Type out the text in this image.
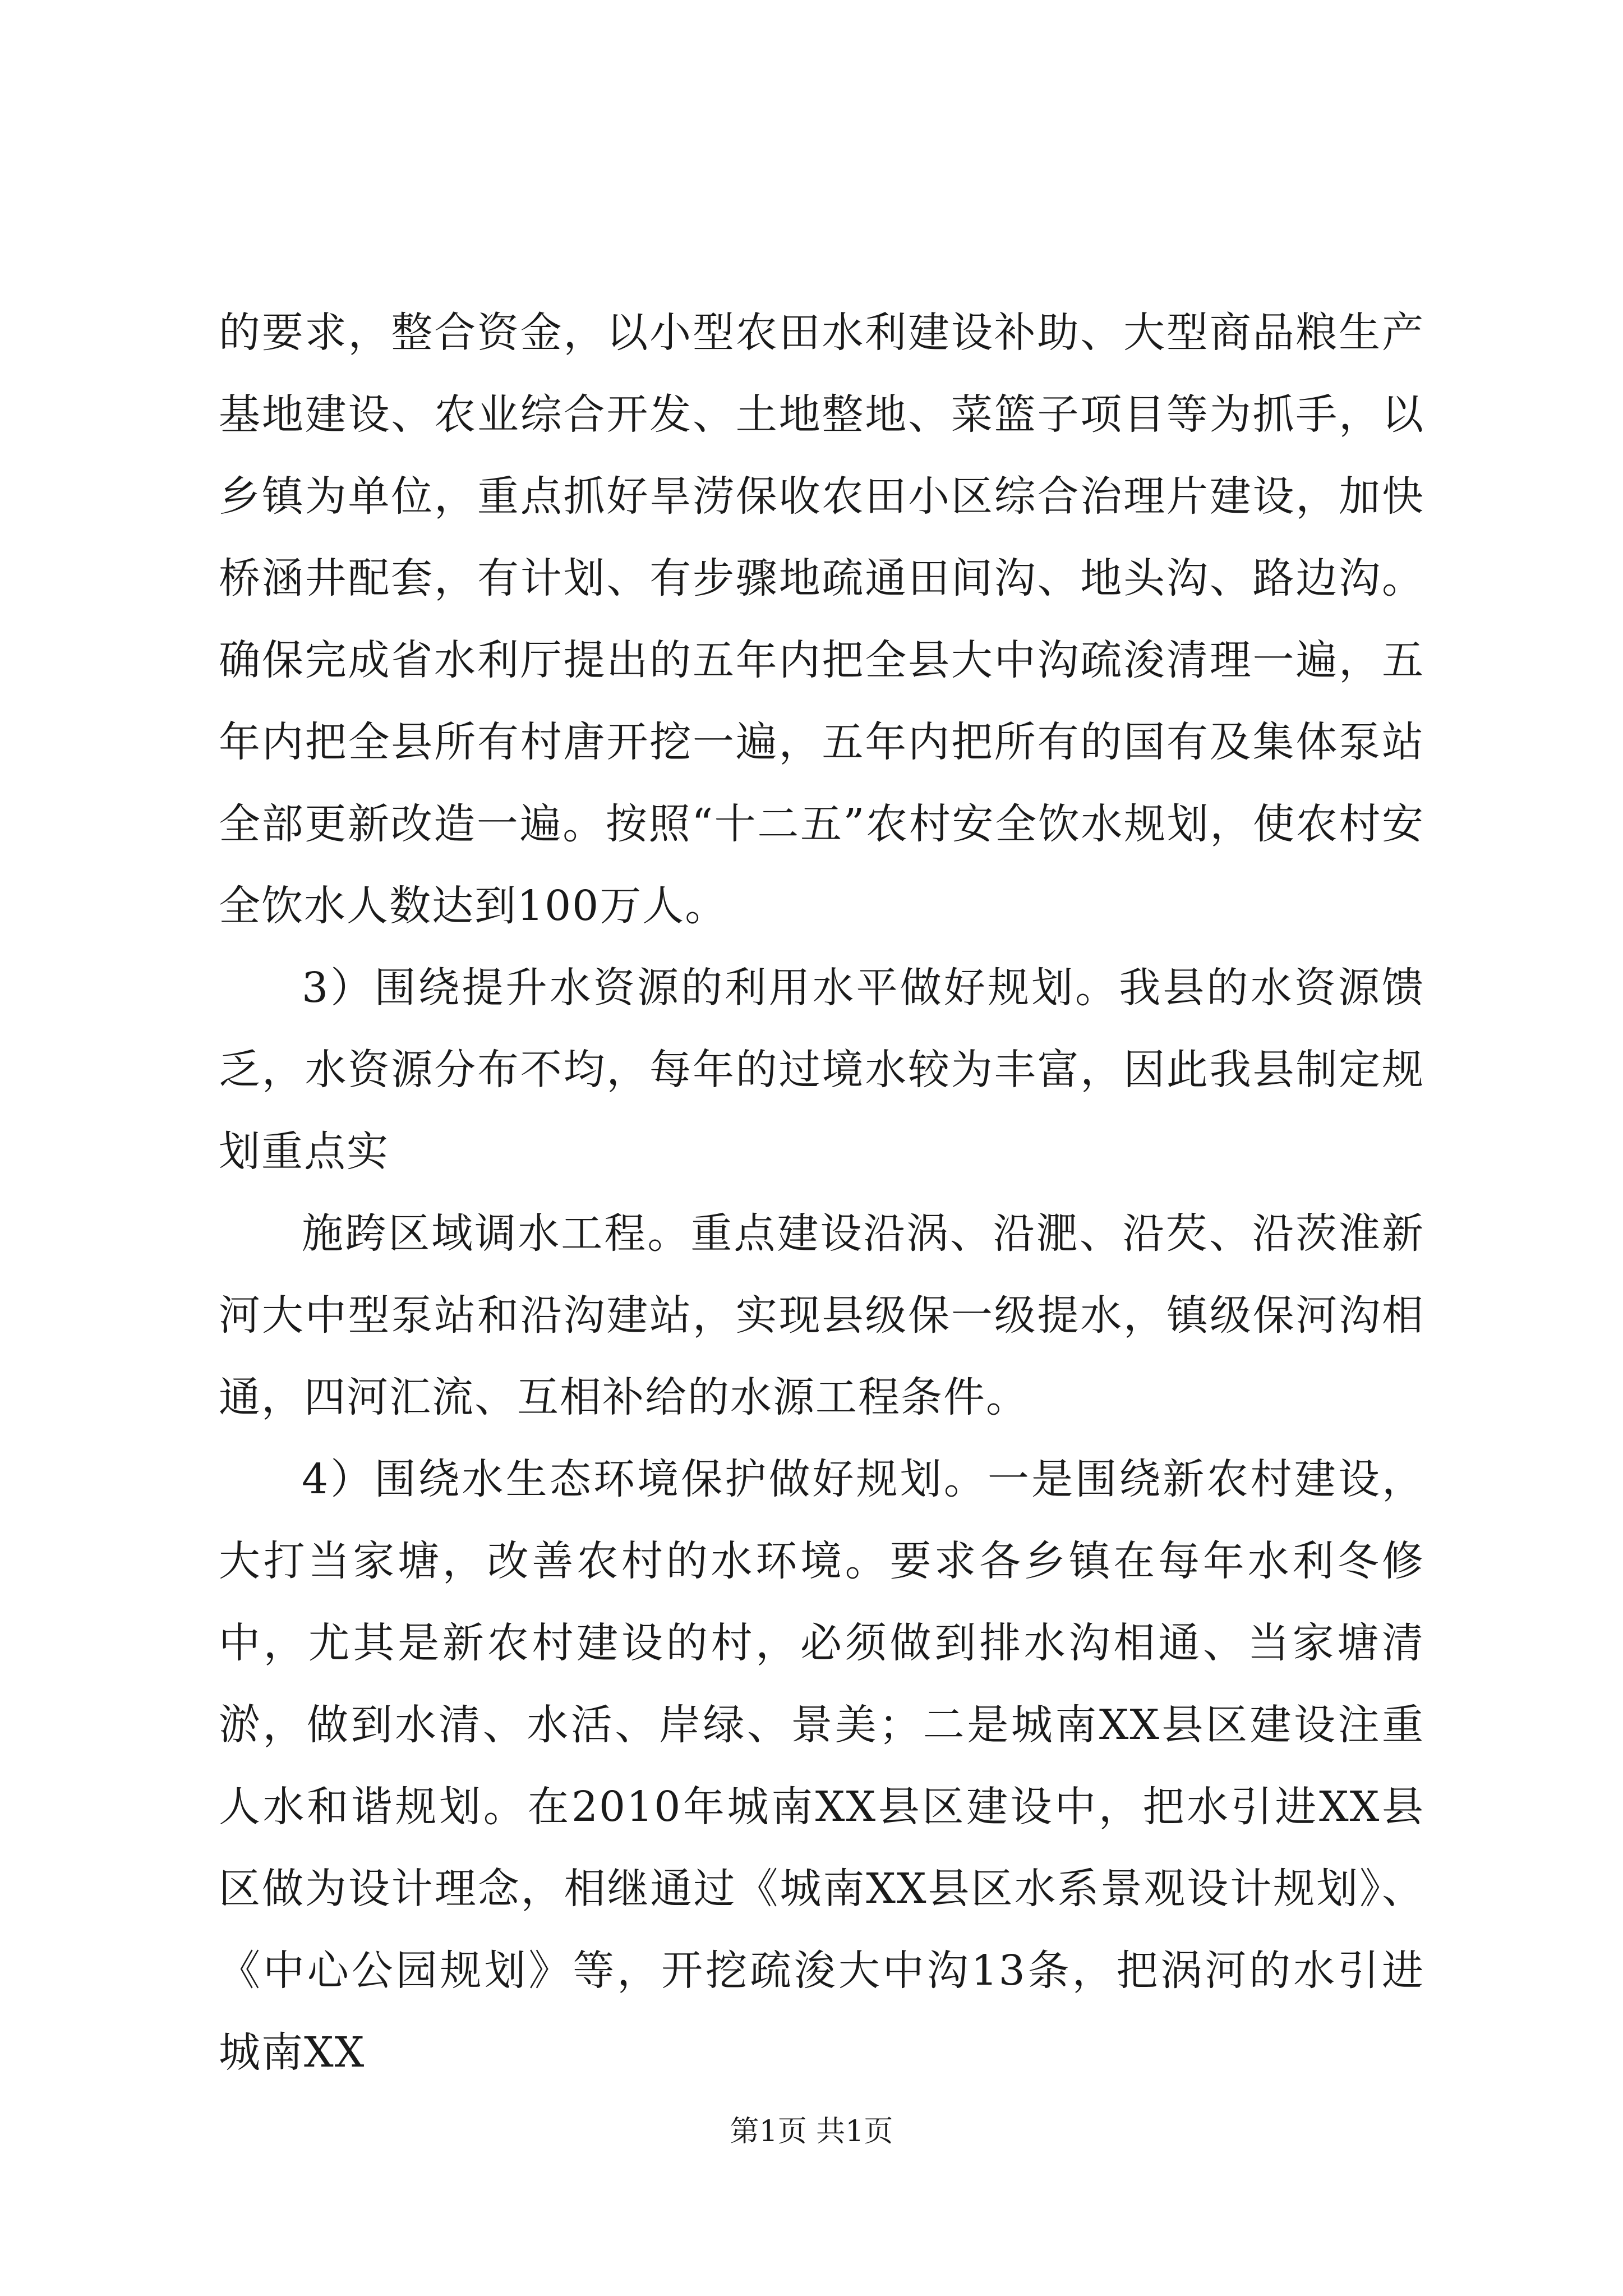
的要求，整合资金，以小型农田水利建设补助、大型商品粮生产基地建设、农业综合开发、土地整地、菜篮子项目等为抓手，以乡镇为单位，重点抓好旱涝保收农田小区综合治理片建设，加快桥涵井配套，有计划、有步骤地疏通田间沟、地头沟、路边沟。确保完成省水利厅提出的五年内把全县大中沟疏浚清理一遍，五年内把全县所有村唐开挖一遍，五年内把所有的国有及集体泵站全部更新改造一遍。按照“十二五”农村安全饮水规划，使农村安全饮水人数达到100万人。

3）围绕提升水资源的利用水平做好规划。我县的水资源馈乏，水资源分布不均，每年的过境水较为丰富，因此我县制定规划重点实

施跨区域调水工程。重点建设沿涡、沿淝、沿芡、沿茨淮新河大中型泵站和沿沟建站，实现县级保一级提水，镇级保河沟相通，四河汇流、互相补给的水源工程条件。

4）围绕水生态环境保护做好规划。一是围绕新农村建设，大打当家塘，改善农村的水环境。要求各乡镇在每年水利冬修中，尤其是新农村建设的村，必须做到排水沟相通、当家塘清淤，做到水清、水活、岸绿、景美；二是城南XX县区建设注重人水和谐规划。在2010年城南XX县区建设中，把水引进XX县区做为设计理念，相继通过《城南XX县区水系景观设计规划》、《中心公园规划》等，开挖疏浚大中沟13条，把涡河的水引进城南XX

第1页 共1页
